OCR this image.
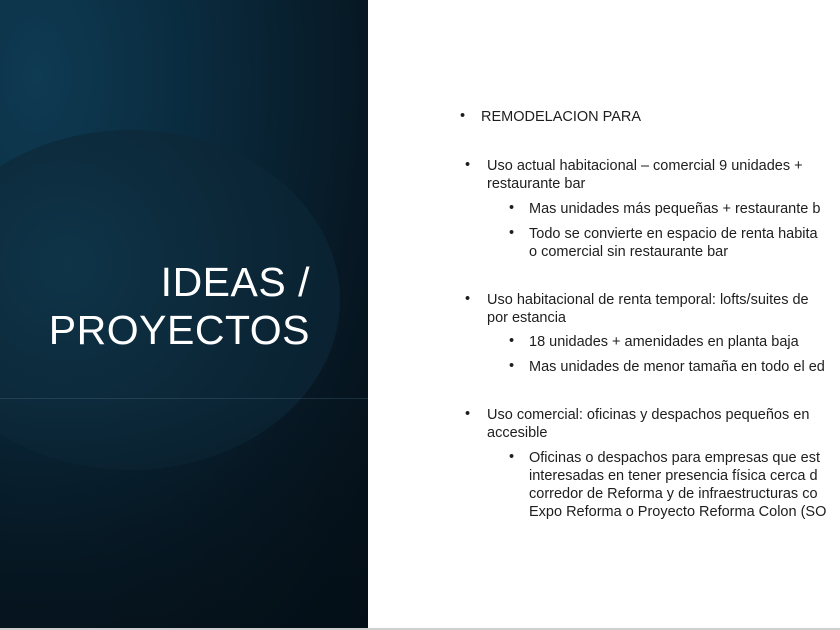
IDEAS /
PROYECTOS
• REMODELACION PARA
• Uso actual habitacional – comercial 9 unidades +
restaurante bar
• Mas unidades más pequeñas + restaurante b
• Todo se convierte en espacio de renta habita
o comercial sin restaurante bar
• Uso habitacional de renta temporal: lofts/suites de
por estancia
• 18 unidades + amenidades en planta baja
• Mas unidades de menor tamaña en todo el ed
• Uso comercial: oficinas y despachos pequeños en
accesible
• Oficinas o despachos para empresas que est
interesadas en tener presencia física cerca d
corredor de Reforma y de infraestructuras co
Expo Reforma o Proyecto Reforma Colon (SO
